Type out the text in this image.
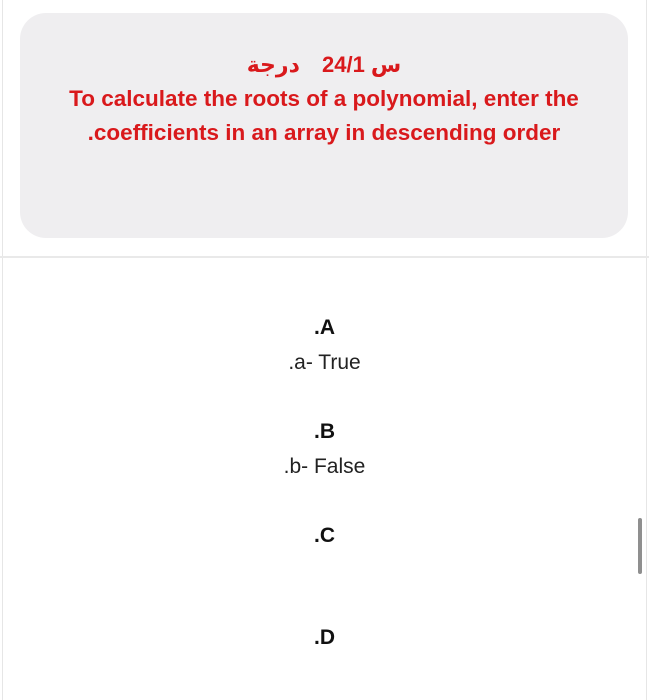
س 24/1 درجة
To calculate the roots of a polynomial, enter the
.coefficients in an array in descending order
.A
.a- True
.B
.b- False
.C
.D
